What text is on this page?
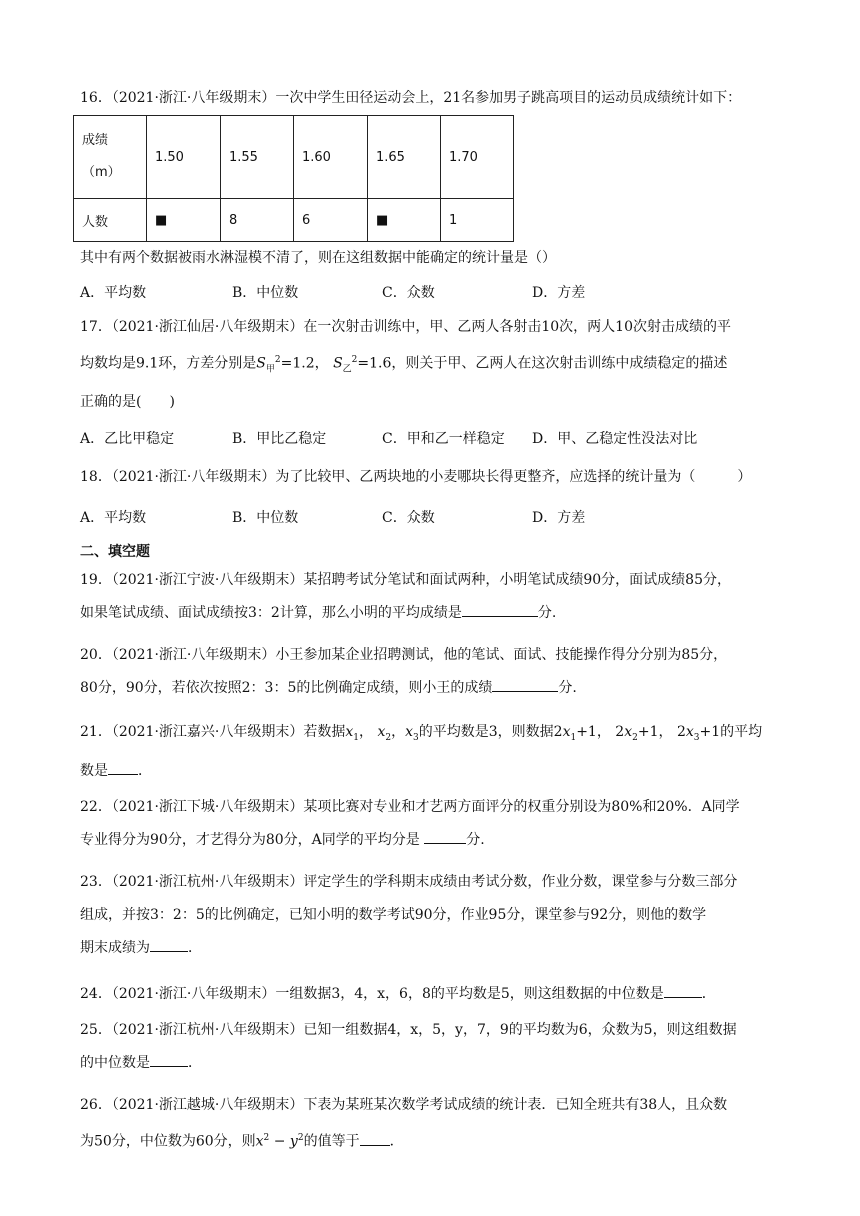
16．（2021·浙江·八年级期末）一次中学生田径运动会上，21名参加男子跳高项目的运动员成绩统计如下：
成绩
（m）	1.50	1.55	1.60	1.65	1.70
人数	■	8	6	■	1
其中有两个数据被雨水淋湿模不清了，则在这组数据中能确定的统计量是（）
A．平均数	B．中位数	C．众数	D．方差
17．（2021·浙江仙居·八年级期末）在一次射击训练中，甲、乙两人各射击10次，两人10次射击成绩的平
均数均是9.1环，方差分别是$S_甲^2=1.2$， $S_乙^2=1.6$，则关于甲、乙两人在这次射击训练中成绩稳定的描述
正确的是(　　)
A．乙比甲稳定	B．甲比乙稳定	C．甲和乙一样稳定 D．甲、乙稳定性没法对比
18．（2021·浙江·八年级期末）为了比较甲、乙两块地的小麦哪块长得更整齐，应选择的统计量为（　　　）
A．平均数	B．中位数	C．众数	D．方差
二、填空题
19．（2021·浙江宁波·八年级期末）某招聘考试分笔试和面试两种，小明笔试成绩90分，面试成绩85分，
如果笔试成绩、面试成绩按3：2计算，那么小明的平均成绩是	分.
20．（2021·浙江·八年级期末）小王参加某企业招聘测试，他的笔试、面试、技能操作得分分别为85分，
80分，90分，若依次按照2：3：5的比例确定成绩，则小王的成绩	分.
21．（2021·浙江嘉兴·八年级期末）若数据$x_1$， $x_2$，$x_3$的平均数是3，则数据$2x_1+1$， $2x_2+1$， $2x_3+1$的平均
数是 ．
22．（2021·浙江下城·八年级期末）某项比赛对专业和才艺两方面评分的权重分别设为80%和20%．A同学
专业得分为90分，才艺得分为80分，A同学的平均分是	分.
23．（2021·浙江杭州·八年级期末）评定学生的学科期末成绩由考试分数，作业分数，课堂参与分数三部分
组成，并按3：2：5的比例确定，已知小明的数学考试90分，作业95分，课堂参与92分，则他的数学
期末成绩为	．
24．（2021·浙江·八年级期末）一组数据3，4，x，6，8的平均数是5，则这组数据的中位数是	．
25．（2021·浙江杭州·八年级期末）已知一组数据4，x，5，y，7，9的平均数为6，众数为5，则这组数据
的中位数是	．
26．（2021·浙江越城·八年级期末）下表为某班某次数学考试成绩的统计表．已知全班共有38人，且众数
为50分，中位数为60分，则$x^2 - y^2$的值等于 ．
